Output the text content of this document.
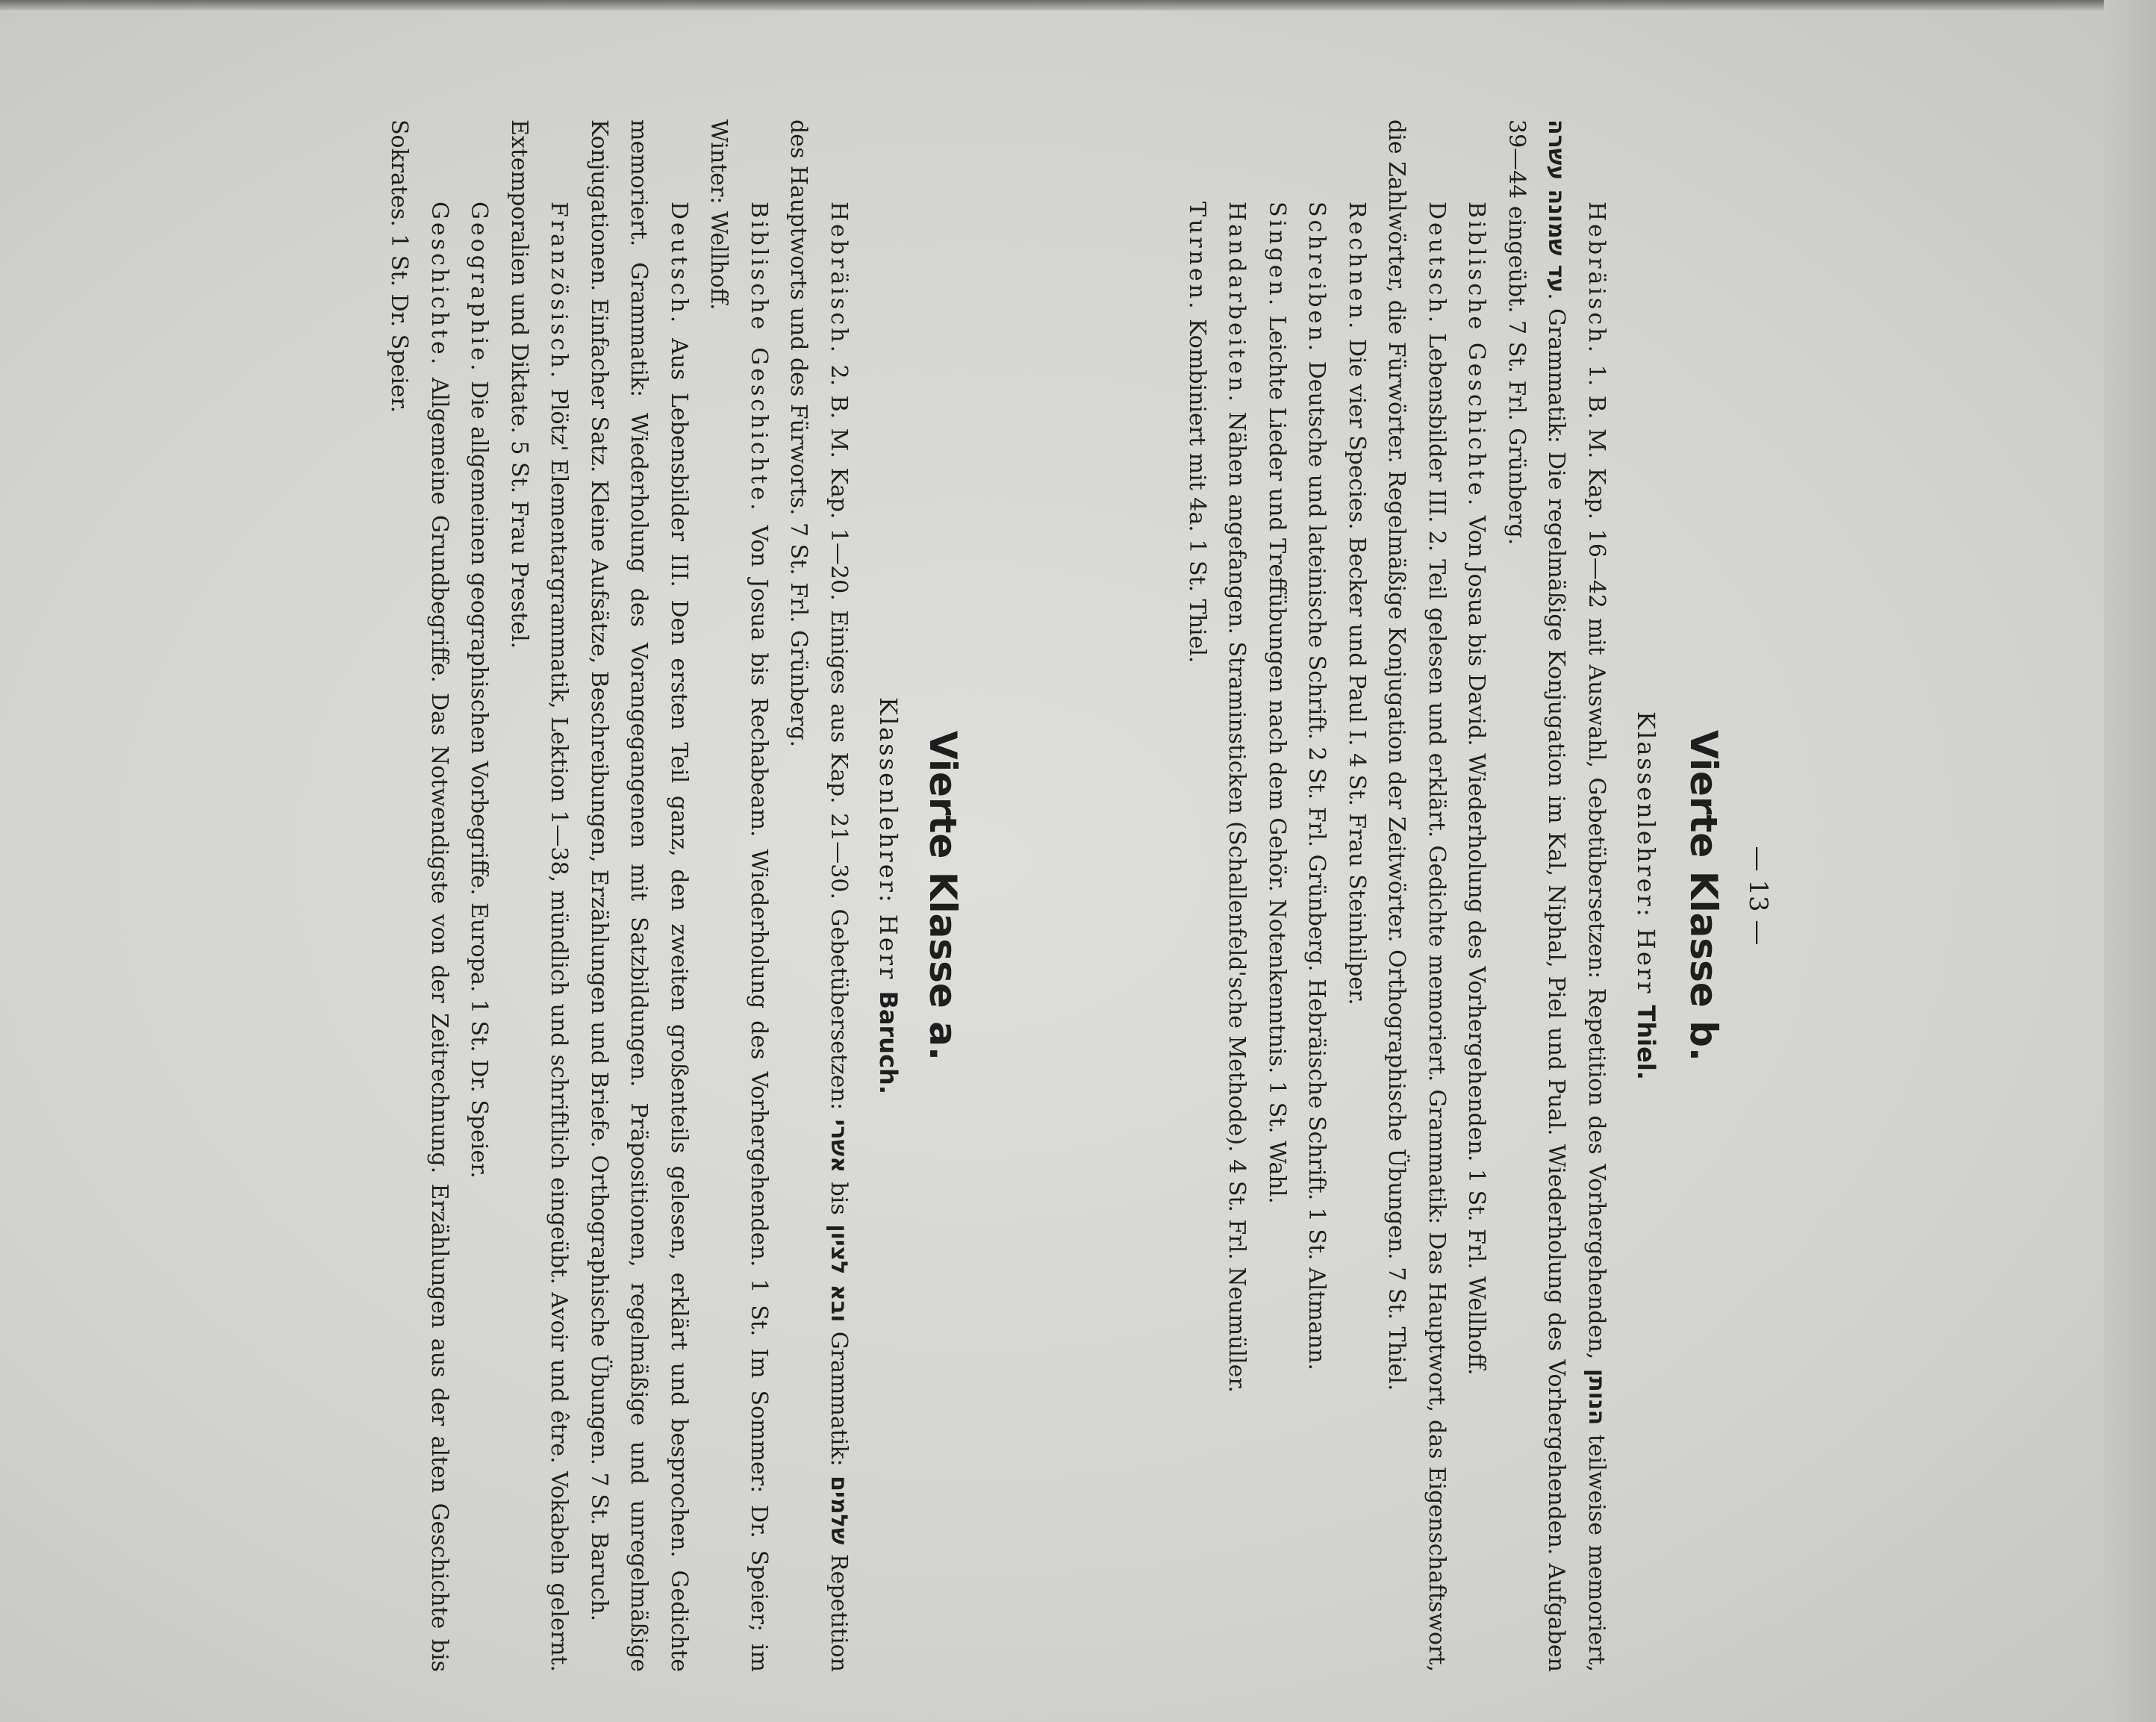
— 13 —
Vierte Klasse b.
Klassenlehrer: Herr Thiel.

Hebräisch. 1. B. M. Kap. 16—42 mit Auswahl, Gebetübersetzen: Repetition des Vorhergehenden, הנותן teilweise memoriert, עד שמונה עשרה. Grammatik: Die regelmäßige Konjugation im Kal, Niphal, Piel und Pual. Wiederholung des Vorhergehenden. Aufgaben 39—44 eingeübt. 7 St. Frl. Grünberg.

Biblische Geschichte. Von Josua bis David. Wiederholung des Vorhergehenden. 1 St. Frl. Wellhoff.

Deutsch. Lebensbilder III. 2. Teil gelesen und erklärt. Gedichte memoriert. Grammatik: Das Hauptwort, das Eigenschaftswort, die Zahlwörter, die Fürwörter. Regelmäßige Konjugation der Zeitwörter. Orthographische Übungen. 7 St. Thiel.

Rechnen. Die vier Species. Becker und Paul I. 4 St. Frau Steinhilper.

Schreiben. Deutsche und lateinische Schrift. 2 St. Frl. Grünberg. Hebräische Schrift. 1 St. Altmann.

Singen. Leichte Lieder und Treffübungen nach dem Gehör. Notenkenntnis. 1 St. Wahl.

Handarbeiten. Nähen angefangen. Straminsticken (Schallenfeld'sche Methode). 4 St. Frl. Neumüller.

Turnen. Kombiniert mit 4a. 1 St. Thiel.

Vierte Klasse a.
Klassenlehrer: Herr Baruch.

Hebräisch. 2. B. M. Kap. 1—20. Einiges aus Kap. 21—30. Gebetübersetzen: אשרי bis ובא לציון Grammatik: שלמים Repetition des Hauptworts und des Fürworts. 7 St. Frl. Grünberg.

Biblische Geschichte. Von Josua bis Rechabeam. Wiederholung des Vorhergehenden. 1 St. Im Sommer: Dr. Speier; im Winter: Wellhoff.

Deutsch. Aus Lebensbilder III. Den ersten Teil ganz, den zweiten großenteils gelesen, erklärt und besprochen. Gedichte memoriert. Grammatik: Wiederholung des Vorangegangenen mit Satzbildungen. Präpositionen, regelmäßige und unregelmäßige Konjugationen. Einfacher Satz. Kleine Aufsätze, Beschreibungen, Erzählungen und Briefe. Orthographische Übungen. 7 St. Baruch.

Französisch. Plötz' Elementargrammatik, Lektion 1—38, mündlich und schriftlich eingeübt. Avoir und être. Vokabeln gelernt. Extemporalien und Diktate. 5 St. Frau Prestel.

Geographie. Die allgemeinen geographischen Vorbegriffe. Europa. 1 St. Dr. Speier.

Geschichte. Allgemeine Grundbegriffe. Das Notwendigste von der Zeitrechnung. Erzählungen aus der alten Geschichte bis Sokrates. 1 St. Dr. Speier.
